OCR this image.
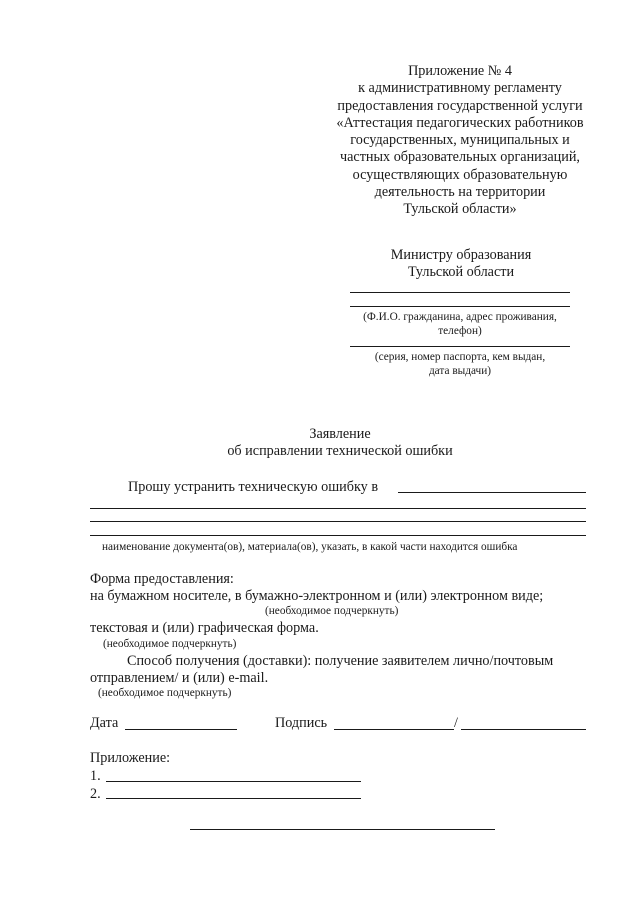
Приложение № 4
к административному регламенту
предоставления государственной услуги
«Аттестация педагогических работников
государственных, муниципальных и
частных образовательных организаций,
осуществляющих образовательную
деятельность на территории
Тульской области»
Министру образования
Тульской области
(Ф.И.О. гражданина, адрес проживания,
телефон)
(серия, номер паспорта, кем выдан,
дата выдачи)
Заявление
об исправлении технической ошибки
Прошу устранить техническую ошибку в
наименование документа(ов), материала(ов), указать, в какой части находится ошибка
Форма предоставления:
на бумажном носителе, в бумажно-электронном и (или) электронном виде;
(необходимое подчеркнуть)
текстовая и (или) графическая форма.
(необходимое подчеркнуть)
Способ получения (доставки): получение заявителем лично/почтовым
отправлением/ и (или) e-mail.
(необходимое подчеркнуть)
Дата	Подпись	/
Приложение:
1.
2.
